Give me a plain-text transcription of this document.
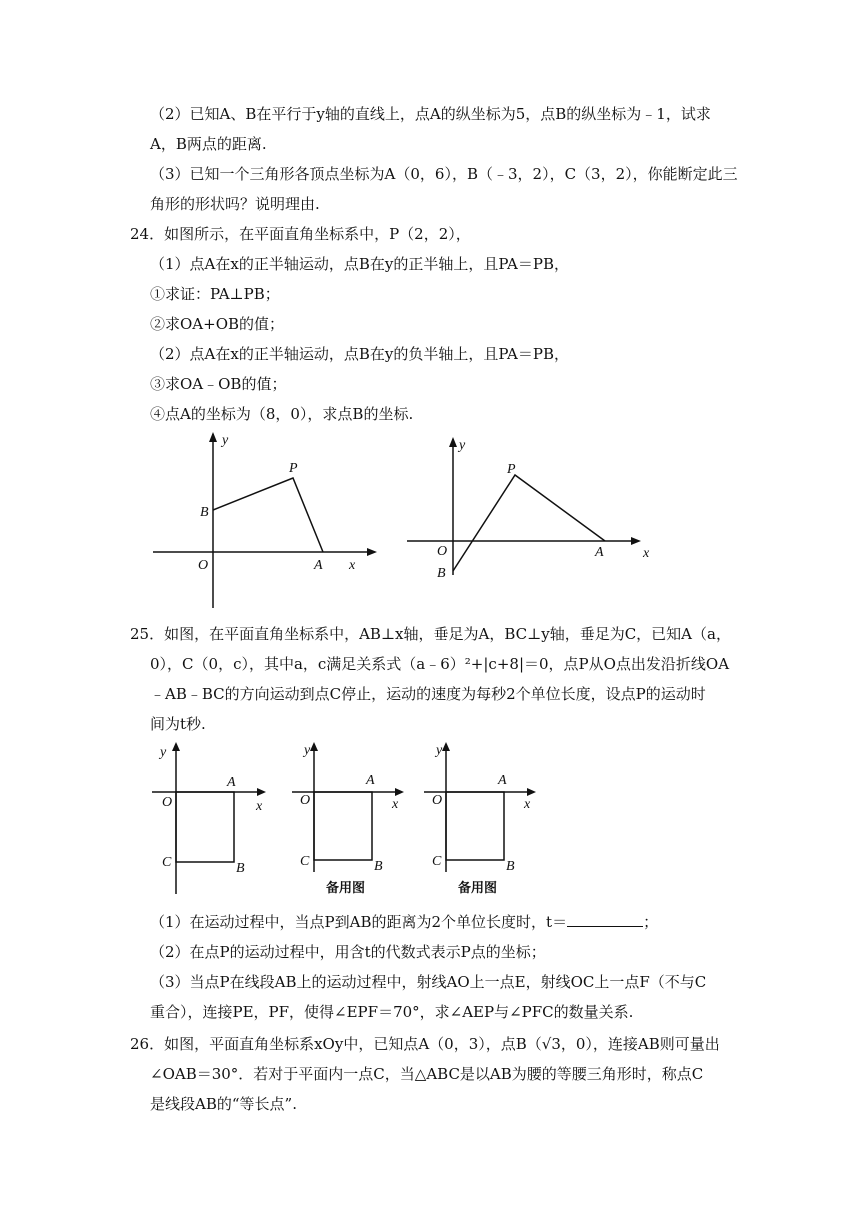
（2）已知A、B在平行于y轴的直线上，点A的纵坐标为5，点B的纵坐标为﹣1，试求
A，B两点的距离.
（3）已知一个三角形各顶点坐标为A（0，6），B（﹣3，2），C（3，2），你能断定此三
角形的形状吗？说明理由.
24．如图所示，在平面直角坐标系中，P（2，2），
（1）点A在x的正半轴运动，点B在y的正半轴上，且PA＝PB，
①求证：PA⊥PB；
②求OA+OB的值；
（2）点A在x的正半轴运动，点B在y的负半轴上，且PA＝PB，
③求OA﹣OB的值；
④点A的坐标为（8，0），求点B的坐标.
y
x
O
B
P
A
y
x
O
B
P
A
25．如图，在平面直角坐标系中，AB⊥x轴，垂足为A，BC⊥y轴，垂足为C，已知A（a，
0），C（0，c），其中a，c满足关系式（a﹣6）²+|c+8|＝0，点P从O点出发沿折线OA
﹣AB﹣BC的方向运动到点C停止，运动的速度为每秒2个单位长度，设点P的运动时
间为t秒.
y
x
O
A
C	B
y
x
O
A
C	B
备用图
y
x
O
A
C	B
备用图
（1）在运动过程中，当点P到AB的距离为2个单位长度时，t＝	；
（2）在点P的运动过程中，用含t的代数式表示P点的坐标；
（3）当点P在线段AB上的运动过程中，射线AO上一点E，射线OC上一点F（不与C
重合），连接PE，PF，使得∠EPF＝70°，求∠AEP与∠PFC的数量关系.
26．如图，平面直角坐标系xOy中，已知点A（0，3），点B（√3，0），连接AB则可量出
∠OAB＝30°．若对于平面内一点C，当△ABC是以AB为腰的等腰三角形时，称点C
是线段AB的“等长点”.
